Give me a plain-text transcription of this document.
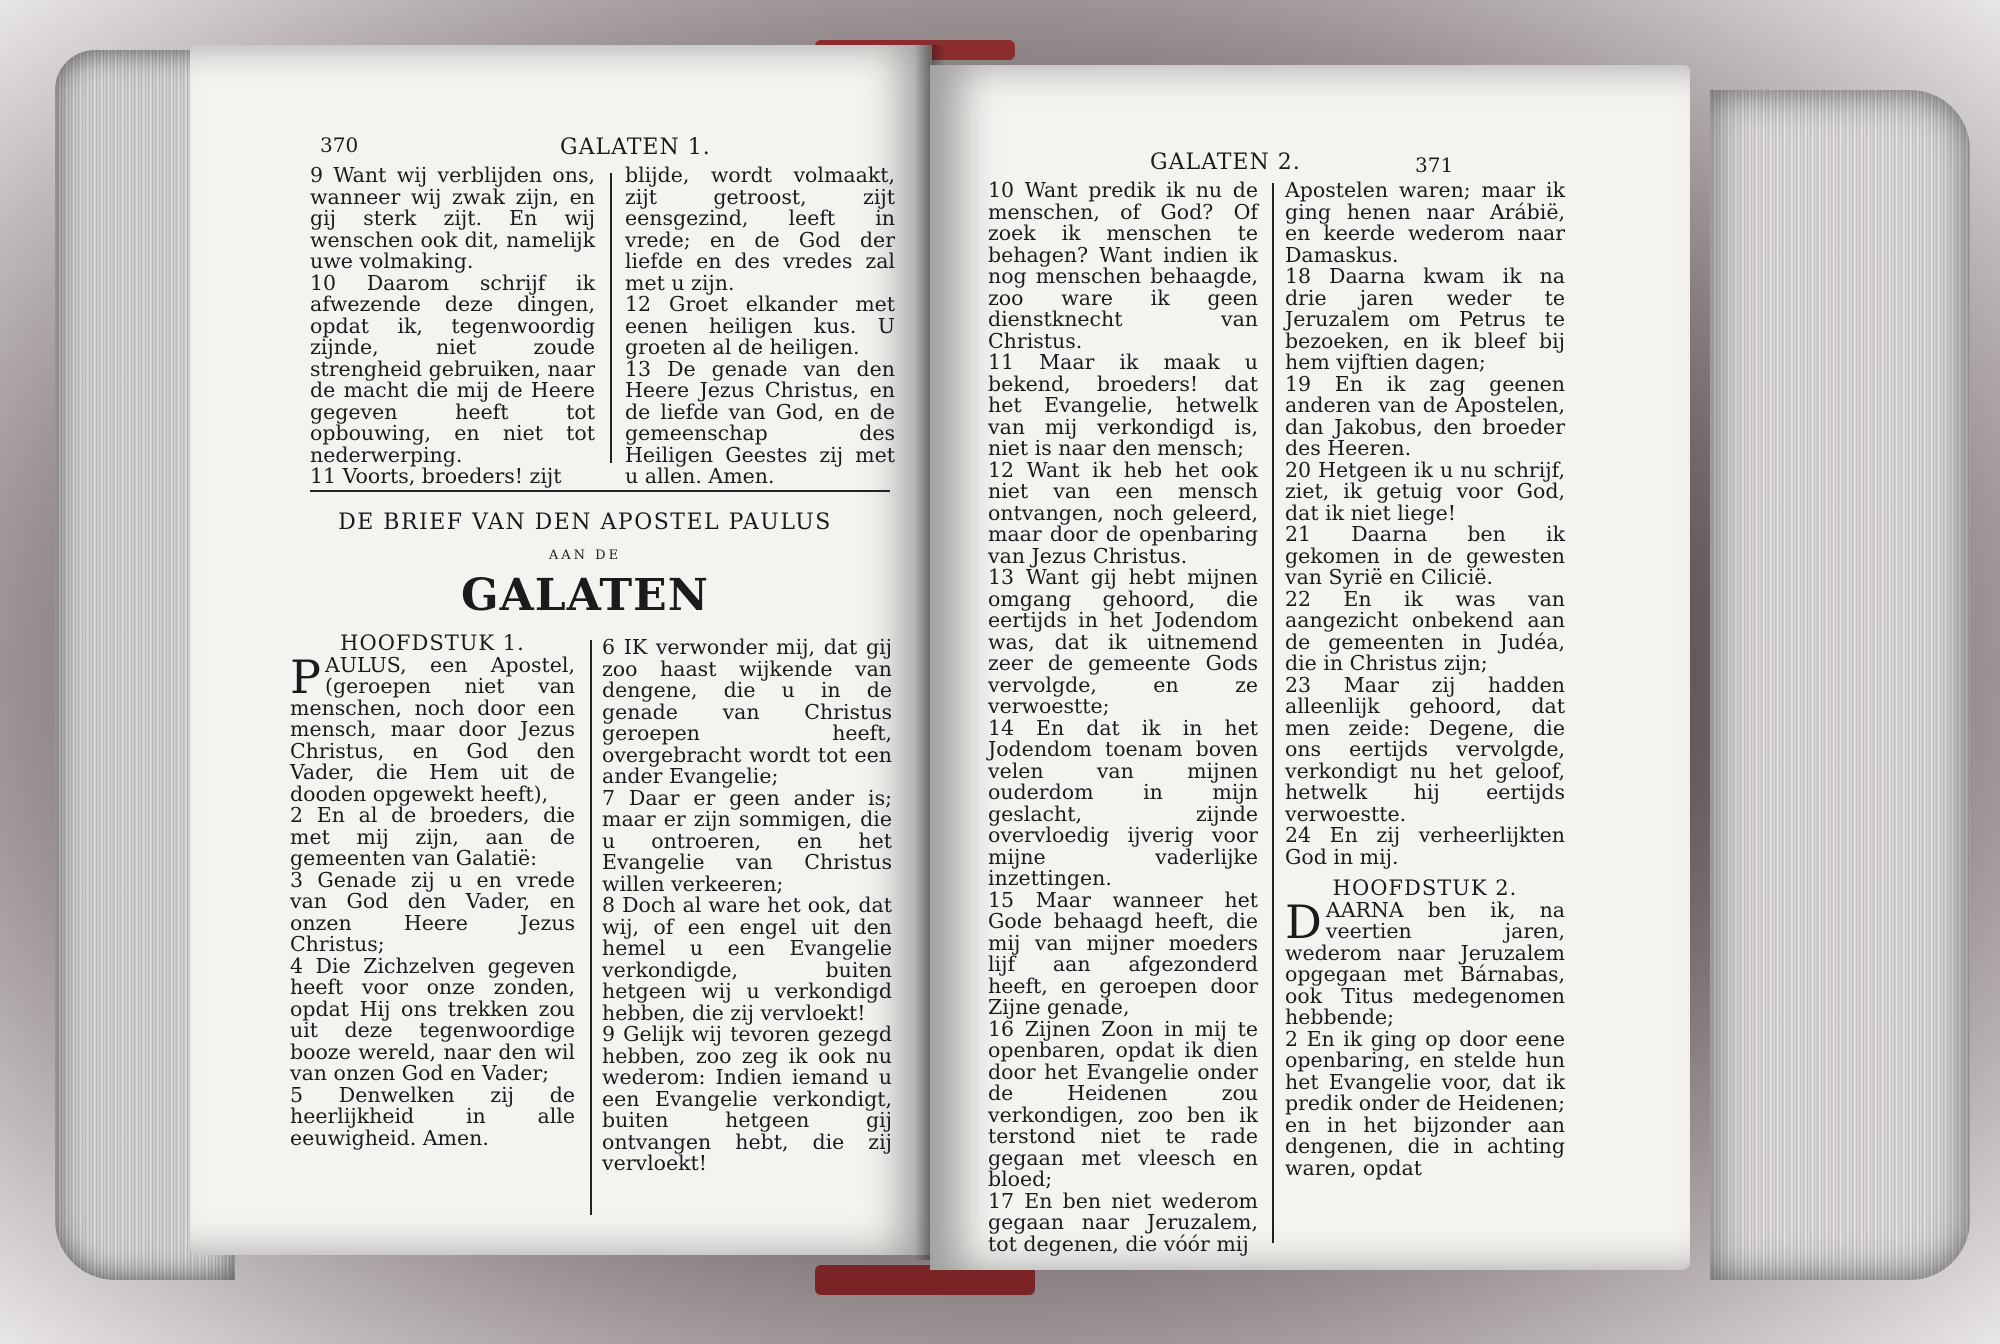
370	GALATEN 1.

9 Want wij verblijden ons, wanneer wij zwak zijn, en gij sterk zijt. En wij wenschen ook dit, namelijk uwe volmaking.

10 Daarom schrijf ik afwezende deze dingen, opdat ik, tegenwoordig zijnde, niet zoude strengheid gebruiken, naar de macht die mij de Heere gegeven heeft tot opbouwing, en niet tot nederwerping.

11 Voorts, broeders! zijt

blijde, wordt volmaakt, zijt getroost, zijt eensgezind, leeft in vrede; en de God der liefde en des vredes zal met u zijn.

12 Groet elkander met eenen heiligen kus. U groeten al de heiligen.

13 De genade van den Heere Jezus Christus, en de liefde van God, en de gemeenschap des Heiligen Geestes zij met u allen. Amen.

DE BRIEF VAN DEN APOSTEL PAULUS
AAN DE
GALATEN

HOOFDSTUK 1.

PAULUS, een Apostel, (geroepen niet van menschen, noch door een mensch, maar door Jezus Christus, en God den Vader, die Hem uit de dooden opgewekt heeft),

2 En al de broeders, die met mij zijn, aan de gemeenten van Galatië:

3 Genade zij u en vrede van God den Vader, en onzen Heere Jezus Christus;

4 Die Zichzelven gegeven heeft voor onze zonden, opdat Hij ons trekken zou uit deze tegenwoordige booze wereld, naar den wil van onzen God en Vader;

5 Denwelken zij de heerlijkheid in alle eeuwigheid. Amen.

6 IK verwonder mij, dat gij zoo haast wijkende van dengene, die u in de genade van Christus geroepen heeft, overgebracht wordt tot een ander Evangelie;

7 Daar er geen ander is; maar er zijn sommigen, die u ontroeren, en het Evangelie van Christus willen verkeeren;

8 Doch al ware het ook, dat wij, of een engel uit den hemel u een Evangelie verkondigde, buiten hetgeen wij u verkondigd hebben, die zij vervloekt!

9 Gelijk wij tevoren gezegd hebben, zoo zeg ik ook nu wederom: Indien iemand u een Evangelie verkondigt, buiten hetgeen gij ontvangen hebt, die zij vervloekt!

GALATEN 2.	371

10 Want predik ik nu de menschen, of God? Of zoek ik menschen te behagen? Want indien ik nog menschen behaagde, zoo ware ik geen dienstknecht van Christus.

11 Maar ik maak u bekend, broeders! dat het Evangelie, hetwelk van mij verkondigd is, niet is naar den mensch;

12 Want ik heb het ook niet van een mensch ontvangen, noch geleerd, maar door de openbaring van Jezus Christus.

13 Want gij hebt mijnen omgang gehoord, die eertijds in het Jodendom was, dat ik uitnemend zeer de gemeente Gods vervolgde, en ze verwoestte;

14 En dat ik in het Jodendom toenam boven velen van mijnen ouderdom in mijn geslacht, zijnde overvloedig ijverig voor mijne vaderlijke inzettingen.

15 Maar wanneer het Gode behaagd heeft, die mij van mijner moeders lijf aan afgezonderd heeft, en geroepen door Zijne genade,

16 Zijnen Zoon in mij te openbaren, opdat ik dien door het Evangelie onder de Heidenen zou verkondigen, zoo ben ik terstond niet te rade gegaan met vleesch en bloed;

17 En ben niet wederom gegaan naar Jeruzalem, tot degenen, die vóór mij

Apostelen waren; maar ik ging henen naar Arábië, en keerde wederom naar Damaskus.

18 Daarna kwam ik na drie jaren weder te Jeruzalem om Petrus te bezoeken, en ik bleef bij hem vijftien dagen;

19 En ik zag geenen anderen van de Apostelen, dan Jakobus, den broeder des Heeren.

20 Hetgeen ik u nu schrijf, ziet, ik getuig voor God, dat ik niet liege!

21 Daarna ben ik gekomen in de gewesten van Syrië en Cilicië.

22 En ik was van aangezicht onbekend aan de gemeenten in Judéa, die in Christus zijn;

23 Maar zij hadden alleenlijk gehoord, dat men zeide: Degene, die ons eertijds vervolgde, verkondigt nu het geloof, hetwelk hij eertijds verwoestte.

24 En zij verheerlijkten God in mij.

HOOFDSTUK 2.

DAARNA ben ik, na veertien jaren, wederom naar Jeruzalem opgegaan met Bárnabas, ook Titus medegenomen hebbende;

2 En ik ging op door eene openbaring, en stelde hun het Evangelie voor, dat ik predik onder de Heidenen; en in het bijzonder aan dengenen, die in achting waren, opdat
